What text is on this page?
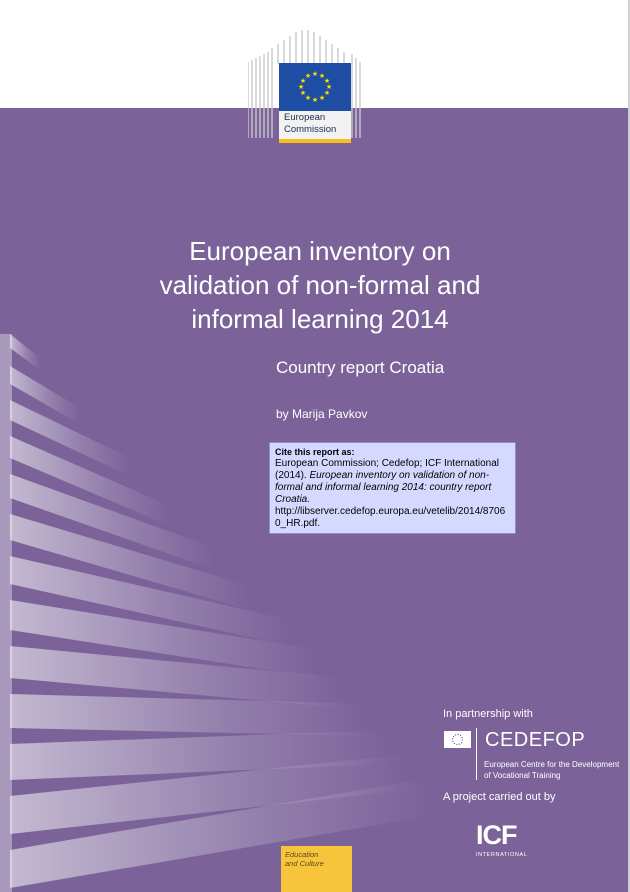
★ ★
★
★
★
★
★
★
★
★
★
★
European
Commission
European inventory on
validation of non-formal and
informal learning 2014
Country report Croatia
by Marija Pavkov
Cite this report as:
European Commission; Cedefop; ICF International (2014). European inventory on validation of non-formal and informal learning 2014: country report Croatia.
http://libserver.cedefop.europa.eu/vetelib/2014/87060_HR.pdf.
In partnership with
CEDEFOP
European Centre for the Development
of Vocational Training
A project carried out by
ICF
INTERNATIONAL
Education
and Culture
